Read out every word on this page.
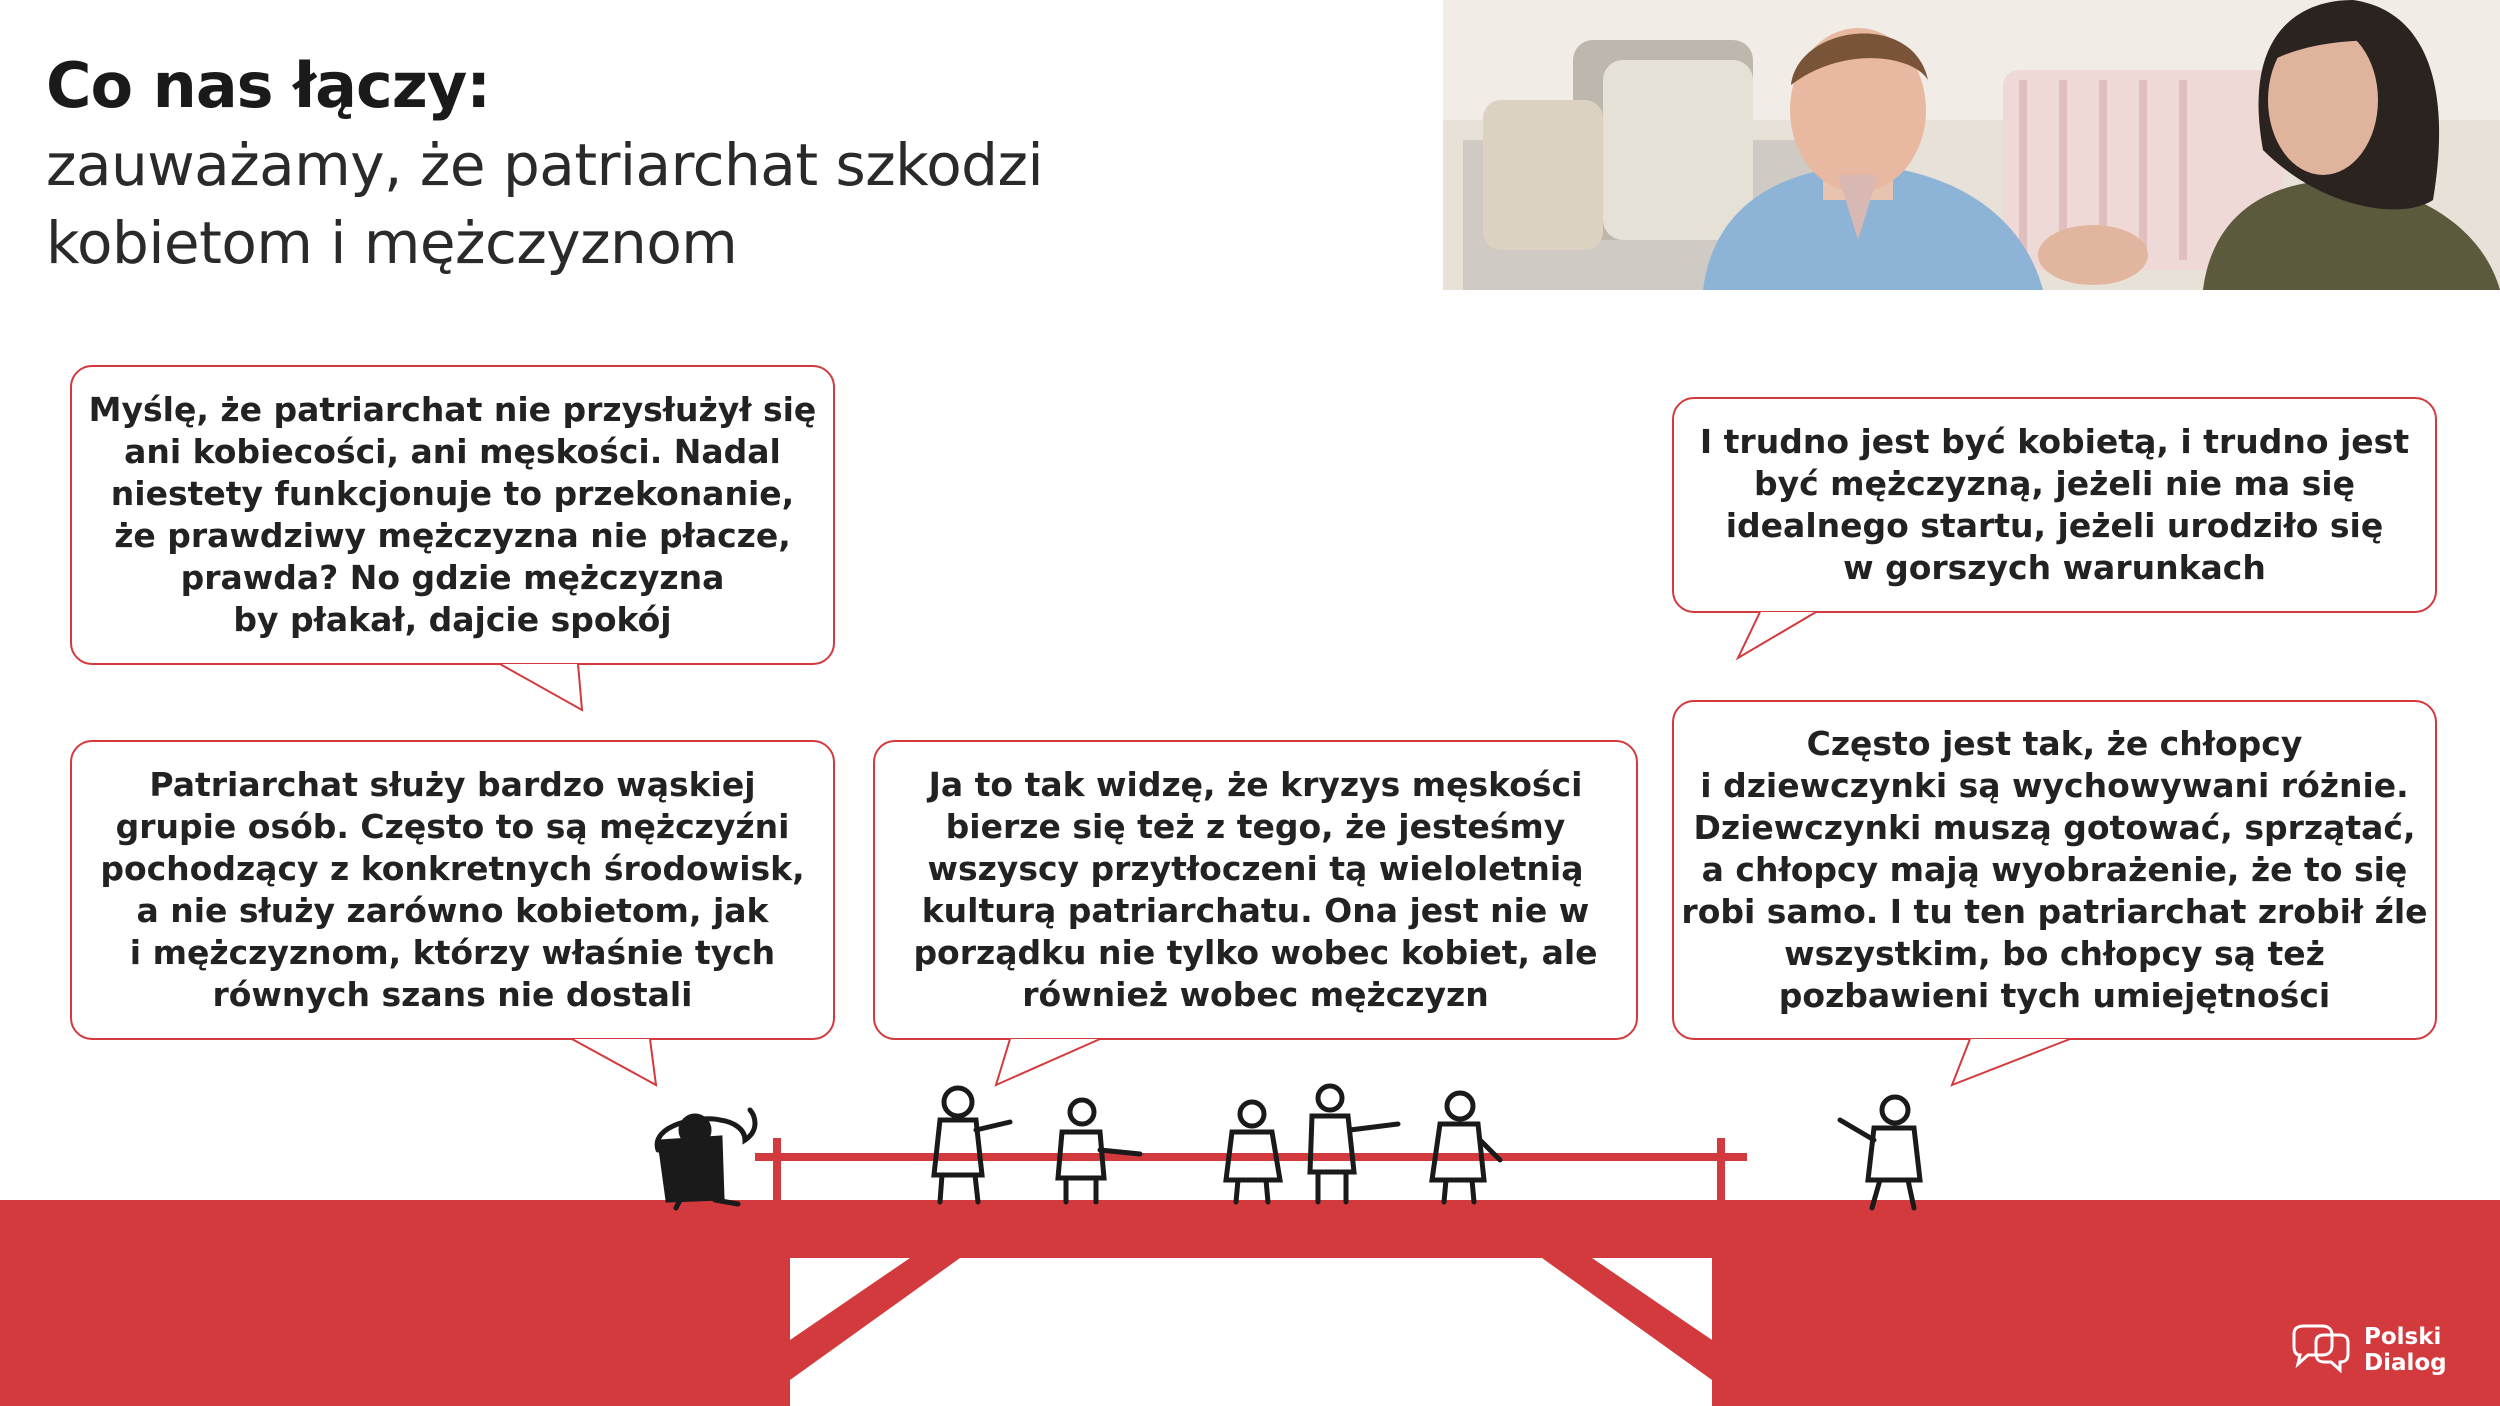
Co nas łączy:
zauważamy, że patriarchat szkodzi
kobietom i mężczyznom
Myślę, że patriarchat nie przysłużył się
ani kobiecości, ani męskości. Nadal
niestety funkcjonuje to przekonanie,
że prawdziwy mężczyzna nie płacze,
prawda? No gdzie mężczyzna
by płakał, dajcie spokój
I trudno jest być kobietą, i trudno jest
być mężczyzną, jeżeli nie ma się
idealnego startu, jeżeli urodziło się
w gorszych warunkach
Patriarchat służy bardzo wąskiej
grupie osób. Często to są mężczyźni
pochodzący z konkretnych środowisk,
a nie służy zarówno kobietom, jak
i mężczyznom, którzy właśnie tych
równych szans nie dostali
Ja to tak widzę, że kryzys męskości
bierze się też z tego, że jesteśmy
wszyscy przytłoczeni tą wieloletnią
kulturą patriarchatu. Ona jest nie w
porządku nie tylko wobec kobiet, ale
również wobec mężczyzn
Często jest tak, że chłopcy
i dziewczynki są wychowywani różnie.
Dziewczynki muszą gotować, sprzątać,
a chłopcy mają wyobrażenie, że to się
robi samo. I tu ten patriarchat zrobił źle
wszystkim, bo chłopcy są też
pozbawieni tych umiejętności
Polski
Dialog
